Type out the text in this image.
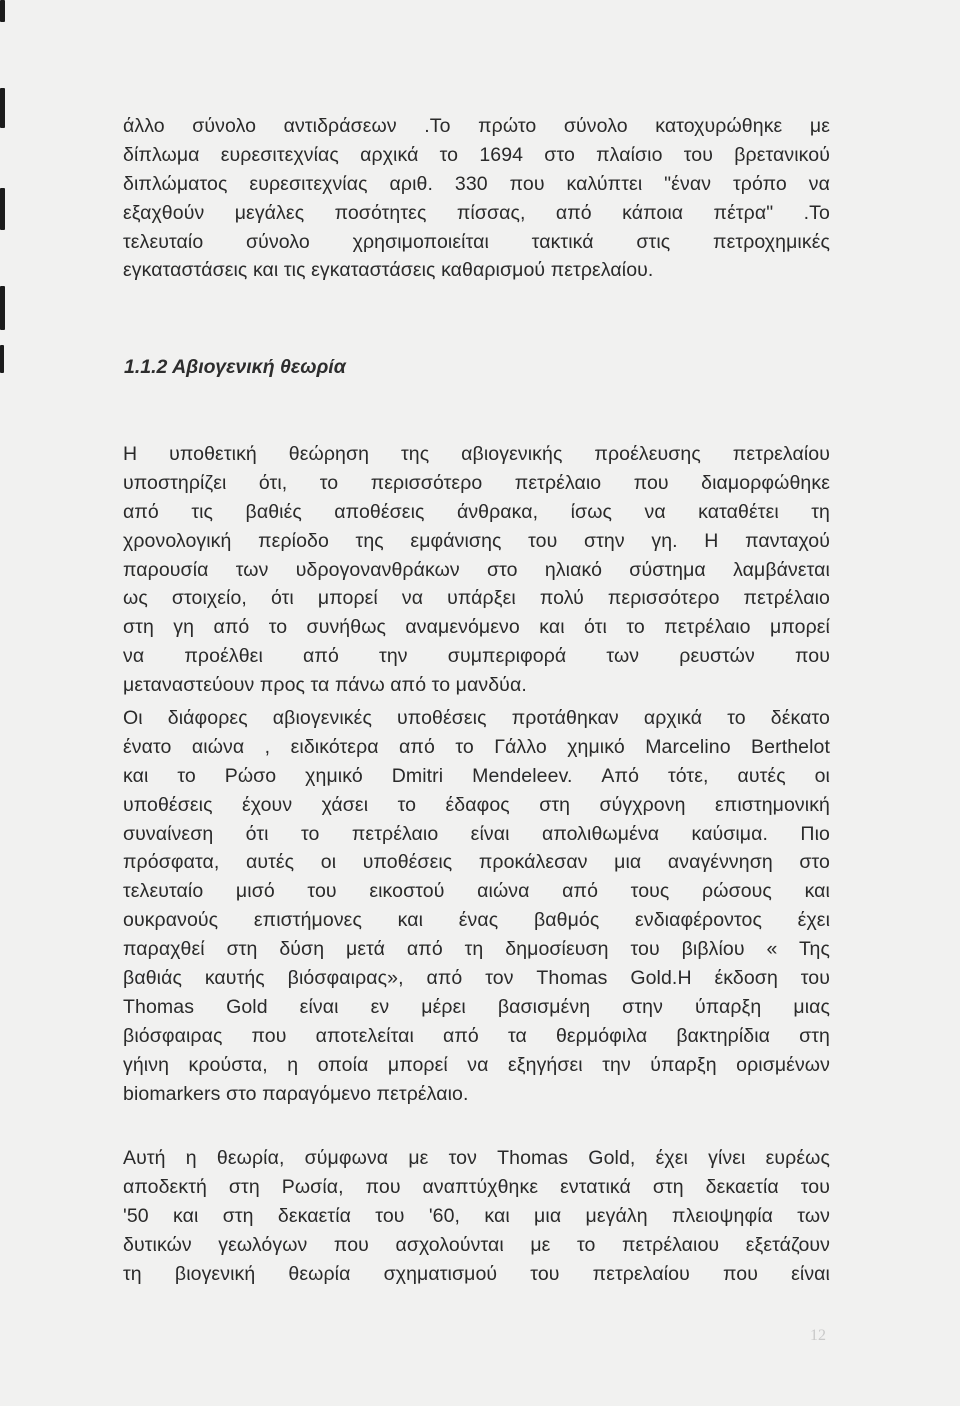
άλλο σύνολο αντιδράσεων .Το πρώτο σύνολο κατοχυρώθηκε με
δίπλωμα ευρεσιτεχνίας αρχικά το 1694 στο πλαίσιο του βρετανικού
διπλώματος ευρεσιτεχνίας αριθ. 330 που καλύπτει "έναν τρόπο να
εξαχθούν μεγάλες ποσότητες πίσσας, από κάποια πέτρα" .Το
τελευταίο σύνολο χρησιμοποιείται τακτικά στις πετροχημικές
εγκαταστάσεις και τις εγκαταστάσεις καθαρισμού πετρελαίου.
1.1.2 Αβιογενική θεωρία
Η υποθετική θεώρηση της αβιογενικής προέλευσης πετρελαίου
υποστηρίζει ότι, το περισσότερο πετρέλαιο που διαμορφώθηκε
από τις βαθιές αποθέσεις άνθρακα, ίσως να καταθέτει τη
χρονολογική περίοδο της εμφάνισης του στην γη. Η πανταχού
παρουσία των υδρογονανθράκων στο ηλιακό σύστημα λαμβάνεται
ως στοιχείο, ότι μπορεί να υπάρξει πολύ περισσότερο πετρέλαιο
στη γη από το συνήθως αναμενόμενο και ότι το πετρέλαιο μπορεί
να προέλθει από την συμπεριφορά των ρευστών που
μεταναστεύουν προς τα πάνω από το μανδύα.
Οι διάφορες αβιογενικές υποθέσεις προτάθηκαν αρχικά το δέκατο
ένατο αιώνα , ειδικότερα από το Γάλλο χημικό Marcelino Berthelot
και το Ρώσο χημικό Dmitri Mendeleev. Από τότε, αυτές οι
υποθέσεις έχουν χάσει το έδαφος στη σύγχρονη επιστημονική
συναίνεση ότι το πετρέλαιο είναι απολιθωμένα καύσιμα. Πιο
πρόσφατα, αυτές οι υποθέσεις προκάλεσαν μια αναγέννηση στο
τελευταίο μισό του εικοστού αιώνα από τους ρώσους και
ουκρανούς επιστήμονες και ένας βαθμός ενδιαφέροντος έχει
παραχθεί στη δύση μετά από τη δημοσίευση του βιβλίου « Της
βαθιάς καυτής βιόσφαιρας», από τον Thomas Gold.Η έκδοση του
Thomas Gold είναι εν μέρει βασισμένη στην ύπαρξη μιας
βιόσφαιρας που αποτελείται από τα θερμόφιλα βακτηρίδια στη
γήινη κρούστα, η οποία μπορεί να εξηγήσει την ύπαρξη ορισμένων
biomarkers στο παραγόμενο πετρέλαιο.
Αυτή η θεωρία, σύμφωνα με τον Thomas Gold, έχει γίνει ευρέως
αποδεκτή στη Ρωσία, που αναπτύχθηκε εντατικά στη δεκαετία του
'50 και στη δεκαετία του '60, και μια μεγάλη πλειοψηφία των
δυτικών γεωλόγων που ασχολούνται με το πετρέλαιου εξετάζουν
τη βιογενική θεωρία σχηματισμού του πετρελαίου που είναι
12
